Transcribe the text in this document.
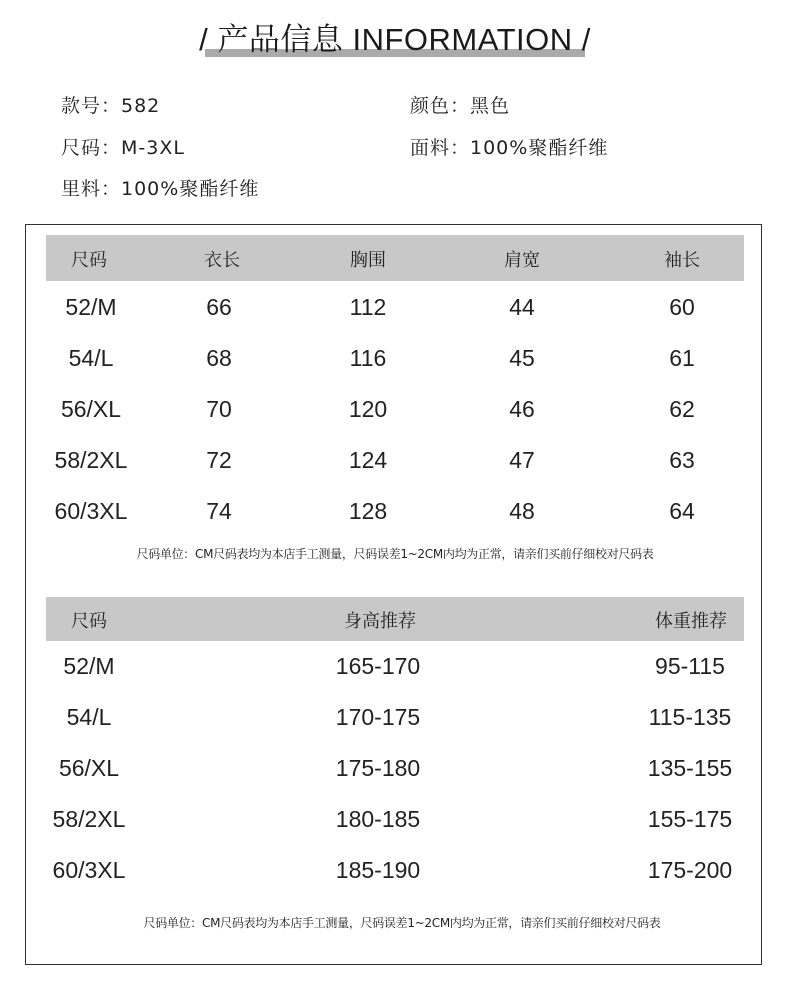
/ 产品信息 INFORMATION /
款号：582	颜色：黑色
尺码：M-3XL	面料：100%聚酯纤维
里料：100%聚酯纤维
尺码	衣长	胸围	肩宽	袖长
52/M	66	112	44	60
54/L	68	116	45	61
56/XL	70	120	46	62
58/2XL	72	124	47	63
60/3XL	74	128	48	64
尺码单位：CM尺码表均为本店手工测量，尺码误差1~2CM内均为正常，请亲们买前仔细校对尺码表
尺码	身高推荐	体重推荐
52/M	165-170	95-115
54/L	170-175	115-135
56/XL	175-180	135-155
58/2XL	180-185	155-175
60/3XL	185-190	175-200
尺码单位：CM尺码表均为本店手工测量，尺码误差1~2CM内均为正常，请亲们买前仔细校对尺码表
